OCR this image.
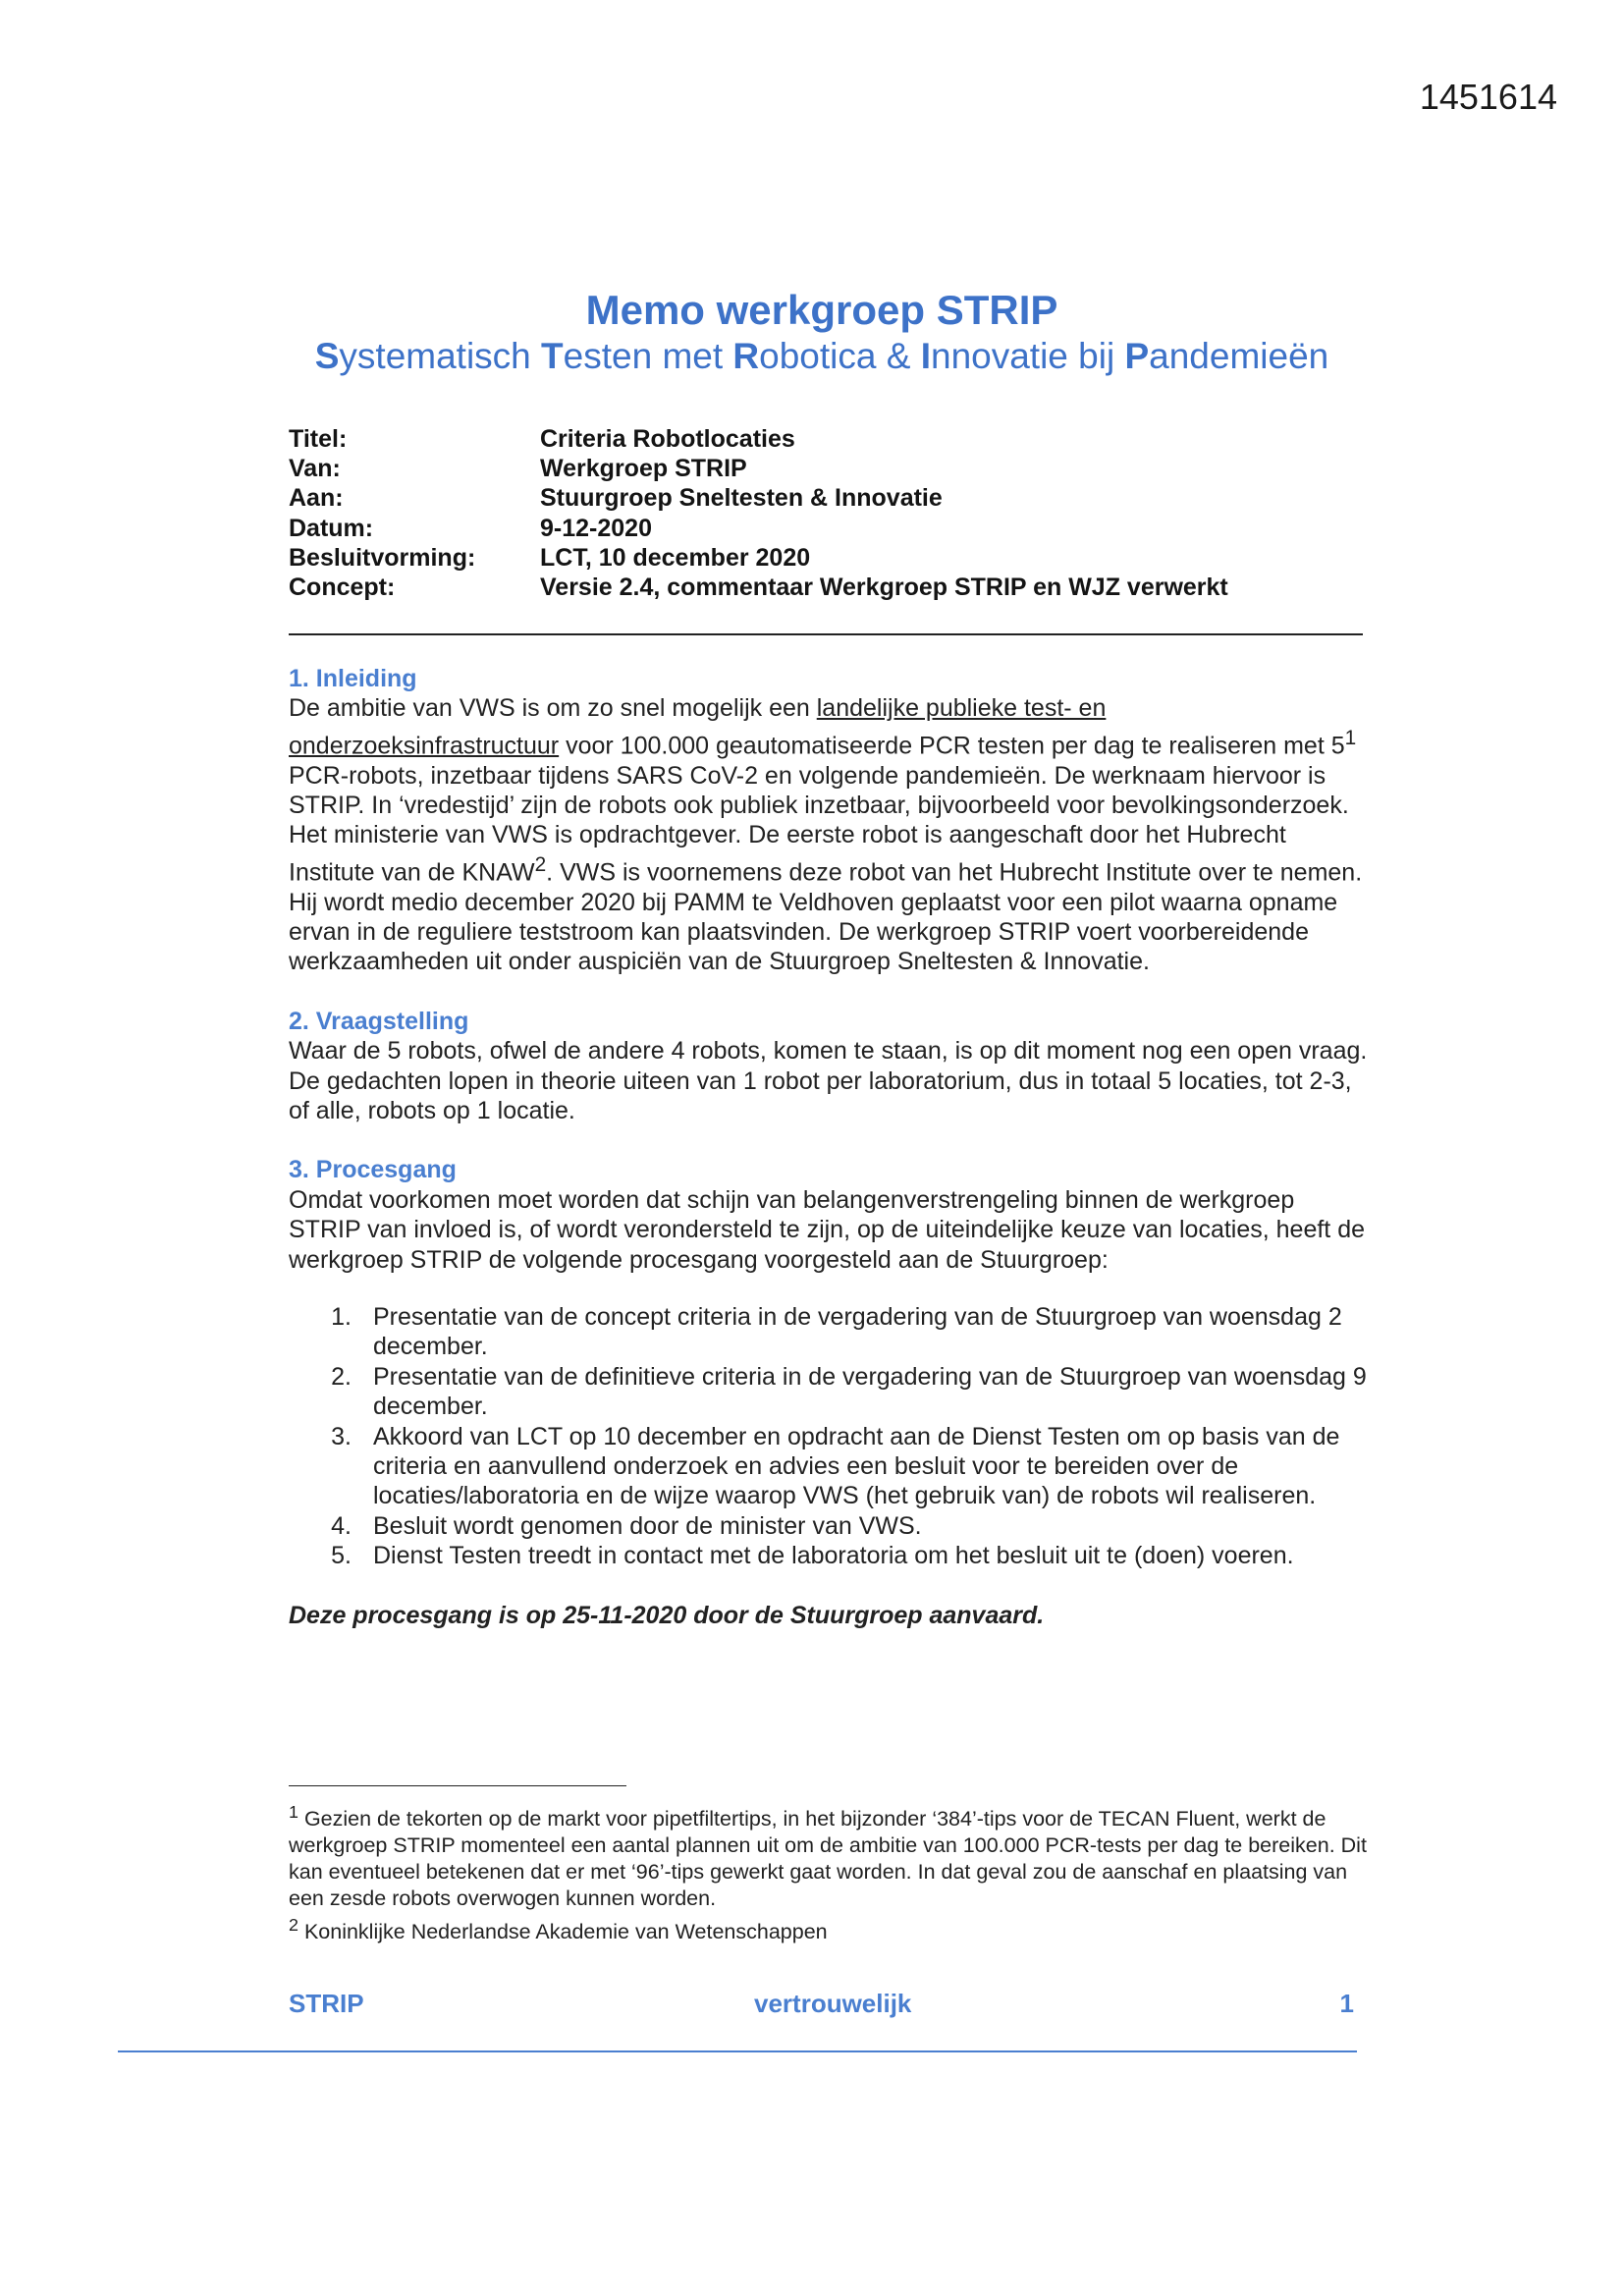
1451614
Memo werkgroep STRIP
Systematisch Testen met Robotica & Innovatie bij Pandemieën
Titel:	Criteria Robotlocaties
Van:	Werkgroep STRIP
Aan:	Stuurgroep Sneltesten & Innovatie
Datum:	9-12-2020
Besluitvorming:	LCT, 10 december 2020
Concept:	Versie 2.4, commentaar Werkgroep STRIP en WJZ verwerkt
1. Inleiding

De ambitie van VWS is om zo snel mogelijk een landelijke publieke test- en onderzoeksinfrastructuur voor 100.000 geautomatiseerde PCR testen per dag te realiseren met $5^1$ PCR-robots, inzetbaar tijdens SARS CoV-2 en volgende pandemieën. De werknaam hiervoor is STRIP. In ‘vredestijd’ zijn de robots ook publiek inzetbaar, bijvoorbeeld voor bevolkingsonderzoek. Het ministerie van VWS is opdrachtgever. De eerste robot is aangeschaft door het Hubrecht Institute van de KNAW$^2$. VWS is voornemens deze robot van het Hubrecht Institute over te nemen. Hij wordt medio december 2020 bij PAMM te Veldhoven geplaatst voor een pilot waarna opname ervan in de reguliere teststroom kan plaatsvinden. De werkgroep STRIP voert voorbereidende werkzaamheden uit onder auspiciën van de Stuurgroep Sneltesten & Innovatie.

2. Vraagstelling

Waar de 5 robots, ofwel de andere 4 robots, komen te staan, is op dit moment nog een open vraag. De gedachten lopen in theorie uiteen van 1 robot per laboratorium, dus in totaal 5 locaties, tot 2-3, of alle, robots op 1 locatie.

3. Procesgang

Omdat voorkomen moet worden dat schijn van belangenverstrengeling binnen de werkgroep STRIP van invloed is, of wordt verondersteld te zijn, op de uiteindelijke keuze van locaties, heeft de werkgroep STRIP de volgende procesgang voorgesteld aan de Stuurgroep:

1. Presentatie van de concept criteria in de vergadering van de Stuurgroep van woensdag 2 december.
2. Presentatie van de definitieve criteria in de vergadering van de Stuurgroep van woensdag 9 december.
3. Akkoord van LCT op 10 december en opdracht aan de Dienst Testen om op basis van de criteria en aanvullend onderzoek en advies een besluit voor te bereiden over de locaties/laboratoria en de wijze waarop VWS (het gebruik van) de robots wil realiseren.
4. Besluit wordt genomen door de minister van VWS.
5. Dienst Testen treedt in contact met de laboratoria om het besluit uit te (doen) voeren.

Deze procesgang is op 25-11-2020 door de Stuurgroep aanvaard.

$^1$ Gezien de tekorten op de markt voor pipetfiltertips, in het bijzonder ‘384’-tips voor de TECAN Fluent, werkt de werkgroep STRIP momenteel een aantal plannen uit om de ambitie van 100.000 PCR-tests per dag te bereiken. Dit kan eventueel betekenen dat er met ‘96’-tips gewerkt gaat worden. In dat geval zou de aanschaf en plaatsing van een zesde robots overwogen kunnen worden.
$^2$ Koninklijke Nederlandse Akademie van Wetenschappen
STRIP	vertrouwelijk	1
